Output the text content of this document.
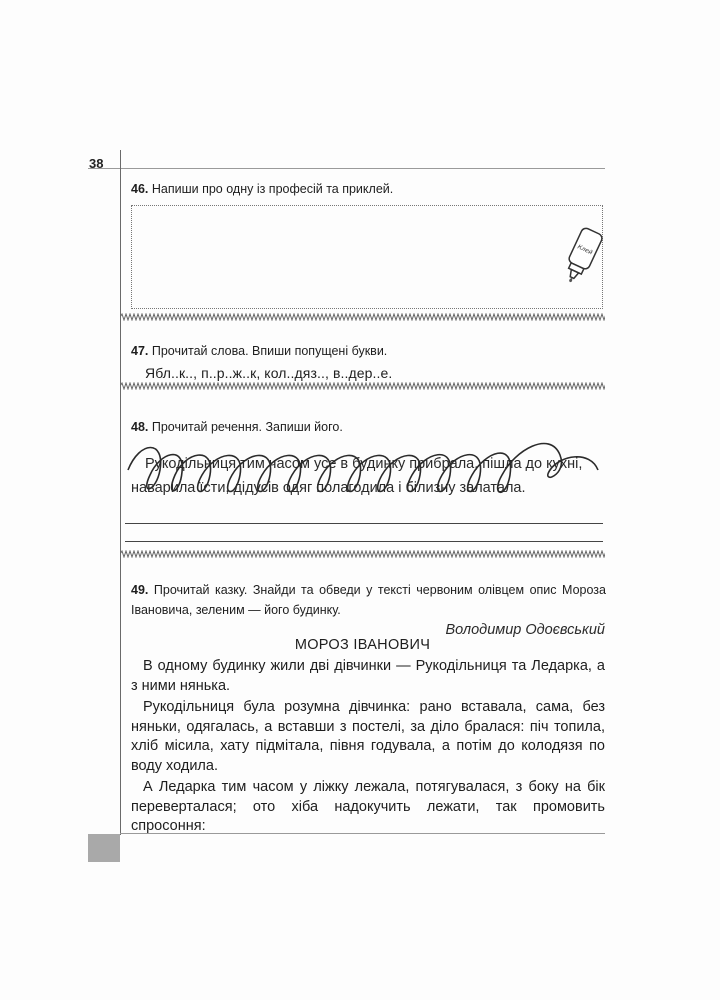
38
46. Напиши про одну із професій та приклей.
Клей
47. Прочитай слова. Впиши попущені букви.
Ябл..к.., п..р..ж..к, кол..дяз.., в..дер..е.
48. Прочитай речення. Запиши його.
Рукодільниця тим часом усе в будинку прибрала, пішла до кухні,
наварила їсти, дідусів одяг полагодила і білизну залатала.
49. Прочитай казку. Знайди та обведи у тексті червоним олівцем опис Мороза Івановича, зеленим — його будинку.
Володимир Одоєвський
МОРОЗ ІВАНОВИЧ

В одному будинку жили дві дівчинки — Рукодільниця та Ледарка, а з ними нянька.

Рукодільниця була розумна дівчинка: рано вставала, сама, без няньки, одягалась, а вставши з постелі, за діло бралася: піч топила, хліб місила, хату підмітала, півня годувала, а потім до колодязя по воду ходила.

А Ледарка тим часом у ліжку лежала, потягувалася, з боку на бік переверталася; ото хіба надокучить лежати, так промовить спросоння:
